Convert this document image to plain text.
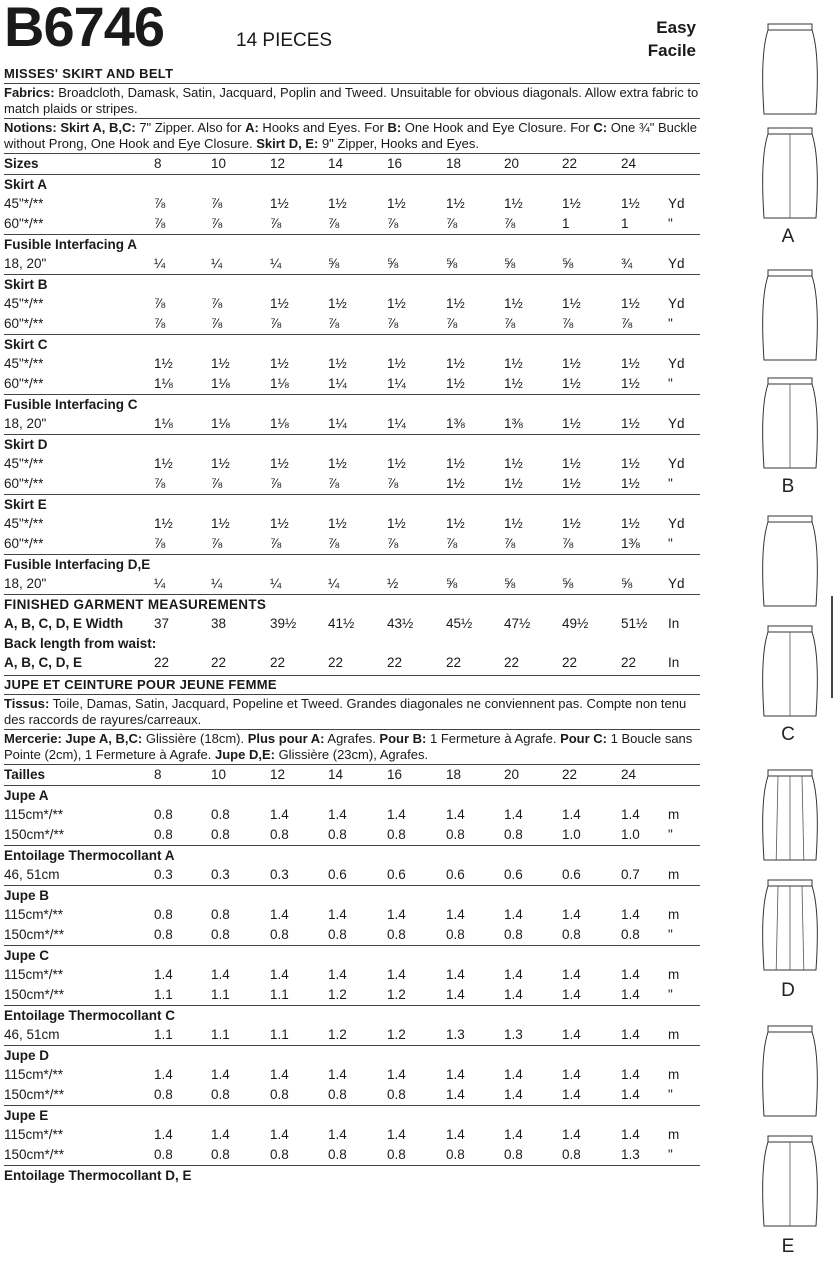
B6746	14 PIECES
Easy
Facile
MISSES' SKIRT AND BELT
Fabrics: Broadcloth, Damask, Satin, Jacquard, Poplin and Tweed. Unsuitable for obvious diagonals. Allow extra fabric to match plaids or stripes.
Notions: Skirt A, B,C: 7" Zipper. Also for A: Hooks and Eyes. For B: One Hook and Eye Closure. For C: One ¾" Buckle without Prong, One Hook and Eye Closure. Skirt D, E: 9" Zipper, Hooks and Eyes.
Sizes	8	10	12	14	16	18	20	22	24
Skirt A
45"*/**	⅞	⅞	1½	1½	1½	1½	1½	1½	1½ Yd
60"*/**	⅞	⅞	⅞	⅞	⅞	⅞	⅞	1	1	"
Fusible Interfacing A
18, 20"	¼	¼	¼	⅝	⅝	⅝	⅝	⅝	¾	Yd
Skirt B
45"*/**	⅞	⅞	1½	1½	1½	1½	1½	1½	1½ Yd
60"*/**	⅞	⅞	⅞	⅞	⅞	⅞	⅞	⅞	⅞	"
Skirt C
45"*/**	1½	1½	1½	1½	1½	1½	1½	1½	1½ Yd
60"*/**	1⅛	1⅛	1⅛	1¼	1¼	1½	1½	1½	1½ "
Fusible Interfacing C
18, 20"	1⅛	1⅛	1⅛	1¼	1¼	1⅜	1⅜	1½	1½ Yd
Skirt D
45"*/**	1½	1½	1½	1½	1½	1½	1½	1½	1½ Yd
60"*/**	⅞	⅞	⅞	⅞	⅞	1½	1½	1½	1½ "
Skirt E
45"*/**	1½	1½	1½	1½	1½	1½	1½	1½	1½ Yd
60"*/**	⅞	⅞	⅞	⅞	⅞	⅞	⅞	⅞	1⅜ "
Fusible Interfacing D,E
18, 20"	¼	¼	¼	¼	½	⅝	⅝	⅝	⅝	Yd
FINISHED GARMENT MEASUREMENTS
A, B, C, D, E Width 37	38	39½ 41½ 43½ 45½ 47½ 49½ 51½ In
Back length from waist:
A, B, C, D, E	22	22	22	22	22	22	22	22	22 In
JUPE ET CEINTURE POUR JEUNE FEMME
Tissus: Toile, Damas, Satin, Jacquard, Popeline et Tweed. Grandes diagonales ne conviennent pas. Compte non tenu des raccords de rayures/carreaux.
Mercerie: Jupe A, B,C: Glissière (18cm). Plus pour A: Agrafes. Pour B: 1 Fermeture à Agrafe. Pour C: 1 Boucle sans Pointe (2cm), 1 Fermeture à Agrafe. Jupe D,E: Glissière (23cm), Agrafes.
Tailles	8	10	12	14	16	18	20	22	24
Jupe A
115cm*/**	0.8	0.8	1.4	1.4	1.4	1.4	1.4	1.4	1.4 m
150cm*/**	0.8	0.8	0.8	0.8	0.8	0.8	0.8	1.0	1.0 "
Entoilage Thermocollant A
46, 51cm	0.3	0.3	0.3	0.6	0.6	0.6	0.6	0.6	0.7 m
Jupe B
115cm*/**	0.8	0.8	1.4	1.4	1.4	1.4	1.4	1.4	1.4 m
150cm*/**	0.8	0.8	0.8	0.8	0.8	0.8	0.8	0.8	0.8 "
Jupe C
115cm*/**	1.4	1.4	1.4	1.4	1.4	1.4	1.4	1.4	1.4 m
150cm*/**	1.1	1.1	1.1	1.2	1.2	1.4	1.4	1.4	1.4 "
Entoilage Thermocollant C
46, 51cm	1.1	1.1	1.1	1.2	1.2	1.3	1.3	1.4	1.4 m
Jupe D
115cm*/**	1.4	1.4	1.4	1.4	1.4	1.4	1.4	1.4	1.4 m
150cm*/**	0.8	0.8	0.8	0.8	0.8	1.4	1.4	1.4	1.4 "
Jupe E
115cm*/**	1.4	1.4	1.4	1.4	1.4	1.4	1.4	1.4	1.4 m
150cm*/**	0.8	0.8	0.8	0.8	0.8	0.8	0.8	0.8	1.3 "
Entoilage Thermocollant D, E
A
B
C
D
E
